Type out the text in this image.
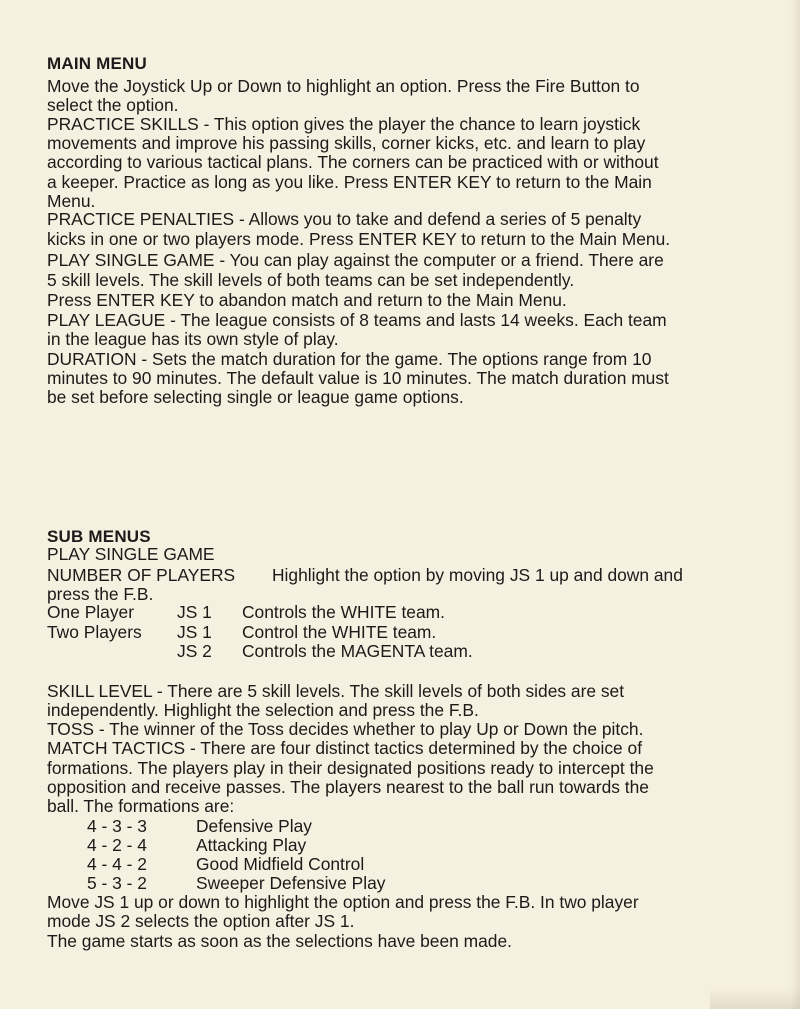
MAIN MENU
Move the Joystick Up or Down to highlight an option. Press the Fire Button to
select the option.
PRACTICE SKILLS - This option gives the player the chance to learn joystick
movements and improve his passing skills, corner kicks, etc. and learn to play
according to various tactical plans. The corners can be practiced with or without
a keeper. Practice as long as you like. Press ENTER KEY to return to the Main
Menu.
PRACTICE PENALTIES - Allows you to take and defend a series of 5 penalty
kicks in one or two players mode. Press ENTER KEY to return to the Main Menu.
PLAY SINGLE GAME - You can play against the computer or a friend. There are
5 skill levels. The skill levels of both teams can be set independently.
Press ENTER KEY to abandon match and return to the Main Menu.
PLAY LEAGUE - The league consists of 8 teams and lasts 14 weeks. Each team
in the league has its own style of play.
DURATION - Sets the match duration for the game. The options range from 10
minutes to 90 minutes. The default value is 10 minutes. The match duration must
be set before selecting single or league game options.
SUB MENUS
PLAY SINGLE GAME
NUMBER OF PLAYERS Highlight the option by moving JS 1 up and down and
press the F.B.
One Player JS 1 Controls the WHITE team.
Two Players JS 1 Control the WHITE team.
JS 2 Controls the MAGENTA team.
SKILL LEVEL - There are 5 skill levels. The skill levels of both sides are set
independently. Highlight the selection and press the F.B.
TOSS - The winner of the Toss decides whether to play Up or Down the pitch.
MATCH TACTICS - There are four distinct tactics determined by the choice of
formations. The players play in their designated positions ready to intercept the
opposition and receive passes. The players nearest to the ball run towards the
ball. The formations are:
4 - 3 - 3	Defensive Play
4 - 2 - 4	Attacking Play
4 - 4 - 2	Good Midfield Control
5 - 3 - 2	Sweeper Defensive Play
Move JS 1 up or down to highlight the option and press the F.B. In two player
mode JS 2 selects the option after JS 1.
The game starts as soon as the selections have been made.
